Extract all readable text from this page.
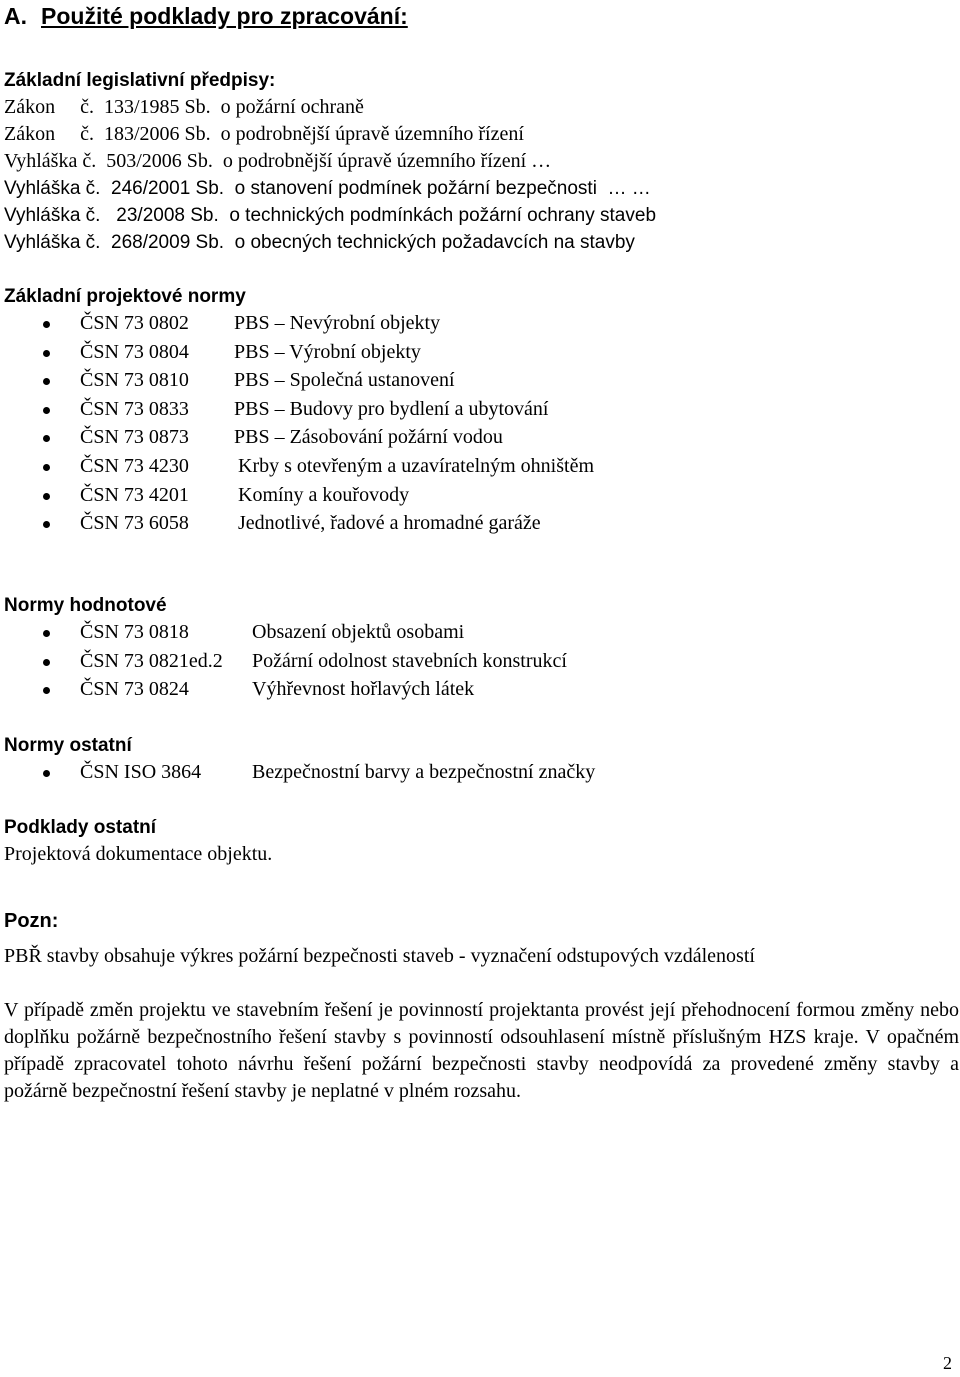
A. Použité podklady pro zpracování:
Základní legislativní předpisy:
Zákon č.  133/1985 Sb. o požární ochraně
Zákon č.  183/2006 Sb. o podrobnější úpravě územního řízení
Vyhláška č.  503/2006 Sb. o podrobnější úpravě územního řízení …
Vyhláška č.  246/2001 Sb. o stanovení podmínek požární bezpečnosti  … …
Vyhláška č.   23/2008 Sb. o technických podmínkách požární ochrany staveb
Vyhláška č.  268/2009 Sb. o obecných technických požadavcích na stavby
Základní projektové normy
ČSN 73 0802 PBS – Nevýrobní objekty
ČSN 73 0804 PBS – Výrobní objekty
ČSN 73 0810 PBS – Společná ustanovení
ČSN 73 0833 PBS – Budovy pro bydlení a ubytování
ČSN 73 0873 PBS – Zásobování požární vodou
ČSN 73 4230 Krby s otevřeným a uzavíratelným ohništěm
ČSN 73 4201 Komíny a kouřovody
ČSN 73 6058 Jednotlivé, řadové a hromadné garáže
Normy hodnotové
ČSN 73 0818	Obsazení objektů osobami
ČSN 73 0821ed.2 Požární odolnost stavebních konstrukcí
ČSN 73 0824	Výhřevnost hořlavých látek
Normy ostatní
ČSN ISO 3864	Bezpečnostní barvy a bezpečnostní značky
Podklady ostatní
Projektová dokumentace objektu.
Pozn:
PBŘ stavby obsahuje výkres požární bezpečnosti staveb - vyznačení odstupových vzdáleností
V případě změn projektu ve stavebním řešení je povinností projektanta provést její přehodnocení formou změny nebo doplňku požárně bezpečnostního řešení stavby s povinností odsouhlasení místně příslušným HZS kraje. V opačném případě zpracovatel tohoto návrhu řešení požární bezpečnosti stavby neodpovídá za provedené změny stavby a požárně bezpečnostní řešení stavby je neplatné v plném rozsahu.
2
